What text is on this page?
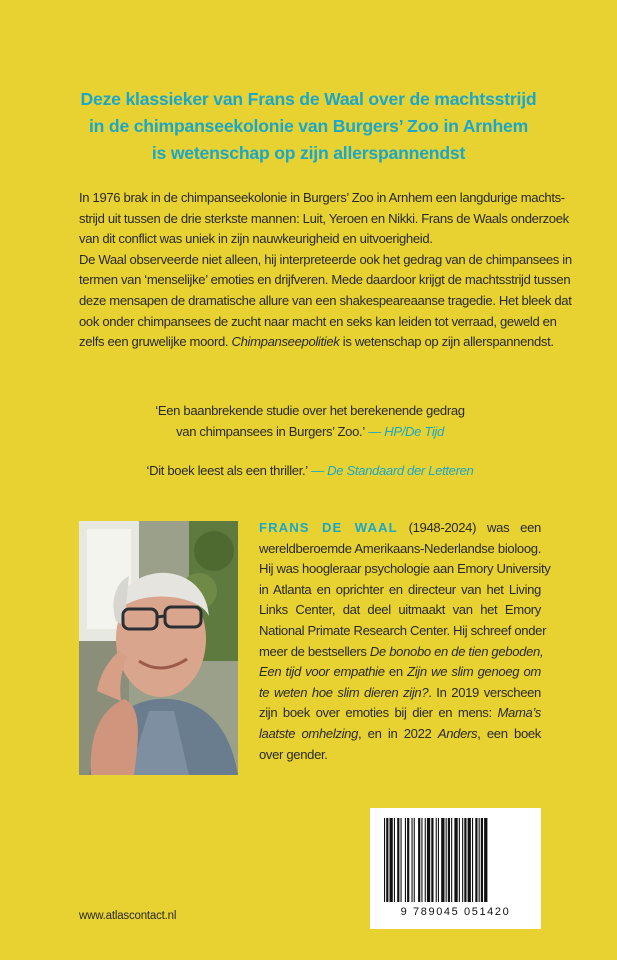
Deze klassieker van Frans de Waal over de machtsstrijd
in de chimpanseekolonie van Burgers’ Zoo in Arnhem
is wetenschap op zijn allerspannendst
In 1976 brak in de chimpanseekolonie in Burgers’ Zoo in Arnhem een langdurige machts-
strijd uit tussen de drie sterkste mannen: Luit, Yeroen en Nikki. Frans de Waals onderzoek
van dit conflict was uniek in zijn nauwkeurigheid en uitvoerigheid.
De Waal observeerde niet alleen, hij interpreteerde ook het gedrag van de chimpansees in
termen van ‘menselijke’ emoties en drijfveren. Mede daardoor krijgt de machtsstrijd tussen
deze mensapen de dramatische allure van een shakespeareaanse tragedie. Het bleek dat
ook onder chimpansees de zucht naar macht en seks kan leiden tot verraad, geweld en
zelfs een gruwelijke moord. Chimpanseepolitiek is wetenschap op zijn allerspannendst.
‘Een baanbrekende studie over het berekenende gedrag
van chimpansees in Burgers’ Zoo.’ — HP/De Tijd
‘Dit boek leest als een thriller.’ — De Standaard der Letteren
FRANS DE WAAL (1948-2024) was een
wereldberoemde Amerikaans-Nederlandse bioloog.
Hij was hoogleraar psychologie aan Emory University
in Atlanta en oprichter en directeur van het Living
Links Center, dat deel uitmaakt van het Emory
National Primate Research Center. Hij schreef onder
meer de bestsellers De bonobo en de tien geboden,
Een tijd voor empathie en Zijn we slim genoeg om
te weten hoe slim dieren zijn?. In 2019 verscheen
zijn boek over emoties bij dier en mens: Mama’s
laatste omhelzing, en in 2022 Anders, een boek
over gender.
9 789045 051420
www.atlascontact.nl
